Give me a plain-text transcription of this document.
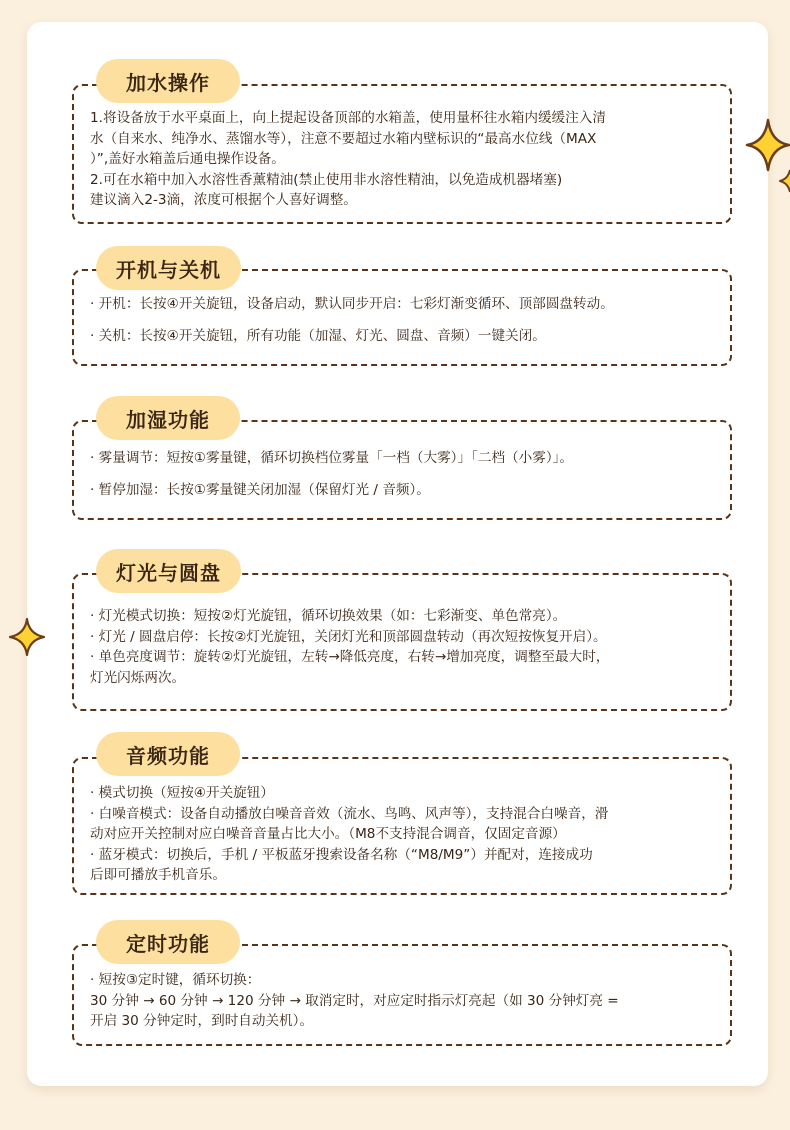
加水操作
1.将设备放于水平桌面上，向上提起设备顶部的水箱盖，使用量杯往水箱内缓缓注入清
水（自来水、纯净水、蒸馏水等），注意不要超过水箱内壁标识的“最高水位线（MAX
）”,盖好水箱盖后通电操作设备。
2.可在水箱中加入水溶性香薰精油(禁止使用非水溶性精油，以免造成机器堵塞)
建议滴入2-3滴，浓度可根据个人喜好调整。
开机与关机
· 开机：长按④开关旋钮，设备启动，默认同步开启：七彩灯渐变循环、顶部圆盘转动。
· 关机：长按④开关旋钮，所有功能（加湿、灯光、圆盘、音频）一键关闭。
加湿功能
· 雾量调节：短按①雾量键，循环切换档位雾量「一档（大雾）」「二档（小雾）」。
· 暂停加湿：长按①雾量键关闭加湿（保留灯光 / 音频）。
灯光与圆盘
· 灯光模式切换：短按②灯光旋钮，循环切换效果（如：七彩渐变、单色常亮）。
· 灯光 / 圆盘启停：长按②灯光旋钮，关闭灯光和顶部圆盘转动（再次短按恢复开启）。
· 单色亮度调节：旋转②灯光旋钮，左转→降低亮度，右转→增加亮度，调整至最大时，
灯光闪烁两次。
音频功能
· 模式切换（短按④开关旋钮）
· 白噪音模式：设备自动播放白噪音音效（流水、鸟鸣、风声等），支持混合白噪音，滑
动对应开关控制对应白噪音音量占比大小。（M8不支持混合调音，仅固定音源）
· 蓝牙模式：切换后，手机 / 平板蓝牙搜索设备名称（“M8/M9”）并配对，连接成功
后即可播放手机音乐。
定时功能
· 短按③定时键，循环切换：
30 分钟 → 60 分钟 → 120 分钟 → 取消定时，对应定时指示灯亮起（如 30 分钟灯亮 =
开启 30 分钟定时，到时自动关机）。
